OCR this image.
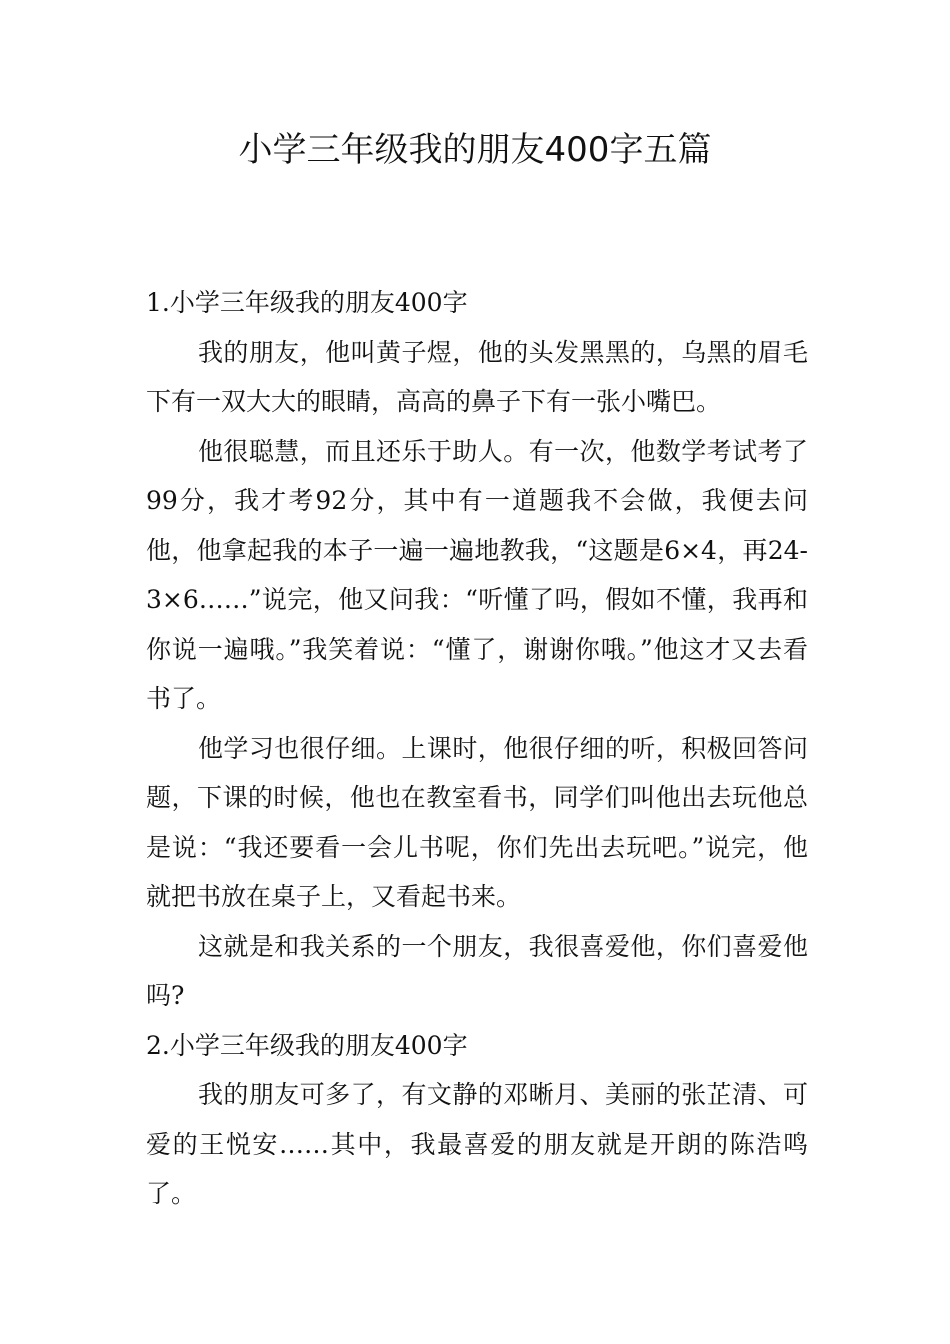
小学三年级我的朋友400字五篇
1.小学三年级我的朋友400字

我的朋友，他叫黄子煜，他的头发黑黑的，乌黑的眉毛下有一双大大的眼睛，高高的鼻子下有一张小嘴巴。

他很聪慧，而且还乐于助人。有一次，他数学考试考了99分，我才考92分，其中有一道题我不会做，我便去问他，他拿起我的本子一遍一遍地教我，“这题是6×4，再24-3×6……”说完，他又问我：“听懂了吗，假如不懂，我再和你说一遍哦。”我笑着说：“懂了，谢谢你哦。”他这才又去看书了。

他学习也很仔细。上课时，他很仔细的听，积极回答问题，下课的时候，他也在教室看书，同学们叫他出去玩他总是说：“我还要看一会儿书呢，你们先出去玩吧。”说完，他就把书放在桌子上，又看起书来。

这就是和我关系的一个朋友，我很喜爱他，你们喜爱他吗?

2.小学三年级我的朋友400字

我的朋友可多了，有文静的邓晰月、美丽的张芷清、可爱的王悦安……其中，我最喜爱的朋友就是开朗的陈浩鸣了。
